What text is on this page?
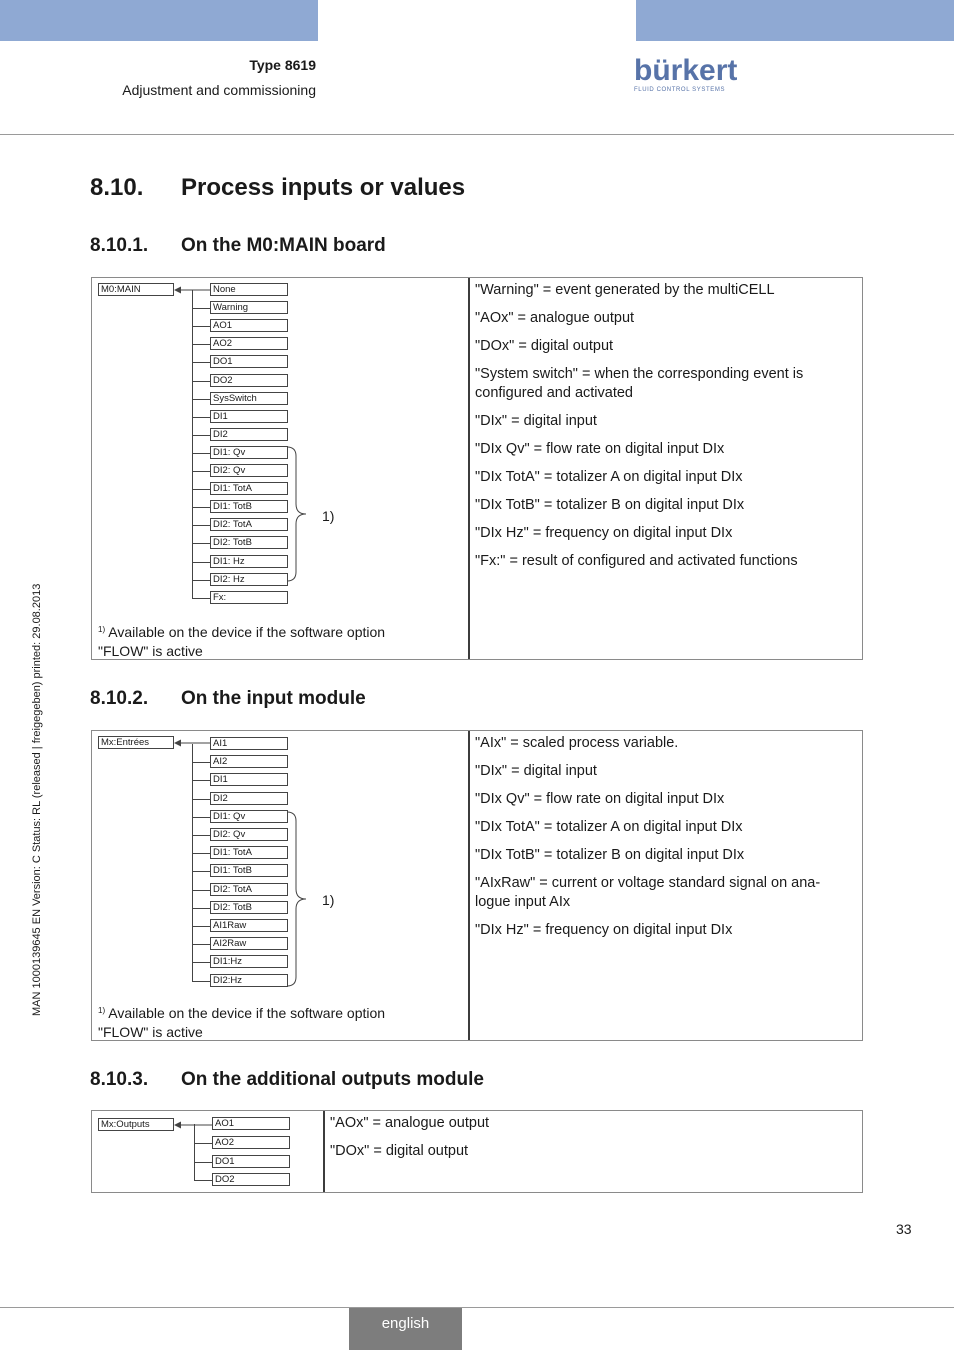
Type 8619
Adjustment and commissioning
bürkert
FLUID CONTROL SYSTEMS
MAN 1000139645 EN Version: C Status: RL (released | freigegeben) printed: 29.08.2013
8.10. Process inputs or values
8.10.1. On the M0:MAIN board
M0:MAIN	None
Warning
AO1
AO2
DO1
DO2
SysSwitch
DI1
DI2
DI1: Qv
DI2: Qv
DI1: TotA
DI1: TotB
DI2: TotA
DI2: TotB
DI1: Hz
DI2: Hz
Fx:
1)
$^{1)}$ Available on the device if the software option "FLOW" is active
"Warning" = event generated by the multiCELL
"AOx" = analogue output
"DOx" = digital output
"System switch" = when the corresponding event is configured and activated
"DIx" = digital input
"DIx Qv" = flow rate on digital input DIx
"DIx TotA" = totalizer A on digital input DIx
"DIx TotB" = totalizer B on digital input DIx
"DIx Hz" = frequency on digital input DIx
"Fx:" = result of configured and activated functions
8.10.2. On the input module
Mx:Entrées	AI1
AI2
DI1
DI2
DI1: Qv
DI2: Qv
DI1: TotA
DI1: TotB
DI2: TotA
DI2: TotB
AI1Raw
AI2Raw
DI1:Hz
DI2:Hz
1)
$^{1)}$ Available on the device if the software option "FLOW" is active
"AIx" = scaled process variable.
"DIx" = digital input
"DIx Qv" = flow rate on digital input DIx
"DIx TotA" = totalizer A on digital input DIx
"DIx TotB" = totalizer B on digital input DIx
"AIxRaw" = current or voltage standard signal on ana-logue input AIx
"DIx Hz" = frequency on digital input DIx
8.10.3. On the additional outputs module
Mx:Outputs	AO1
AO2
DO1
DO2
"AOx" = analogue output
"DOx" = digital output
33
english
